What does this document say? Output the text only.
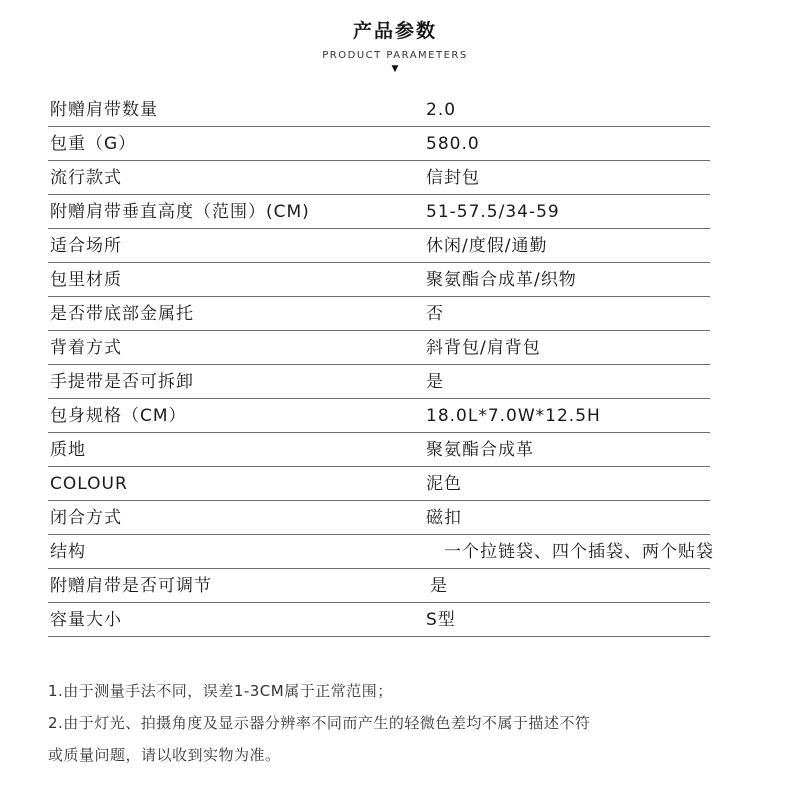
产品参数
PRODUCT PARAMETERS
▼
附赠肩带数量	2.0
包重（G）	580.0
流行款式	信封包
附赠肩带垂直高度（范围）(CM)	51-57.5/34-59
适合场所	休闲/度假/通勤
包里材质	聚氨酯合成革/织物
是否带底部金属托	否
背着方式	斜背包/肩背包
手提带是否可拆卸	是
包身规格（CM）	18.0L*7.0W*12.5H
质地	聚氨酯合成革
COLOUR	泥色
闭合方式	磁扣
结构	一个拉链袋、四个插袋、两个贴袋
附赠肩带是否可调节	是
容量大小	S型
1.由于测量手法不同，误差1-3CM属于正常范围；
2.由于灯光、拍摄角度及显示器分辨率不同而产生的轻微色差均不属于描述不符
或质量问题，请以收到实物为准。
